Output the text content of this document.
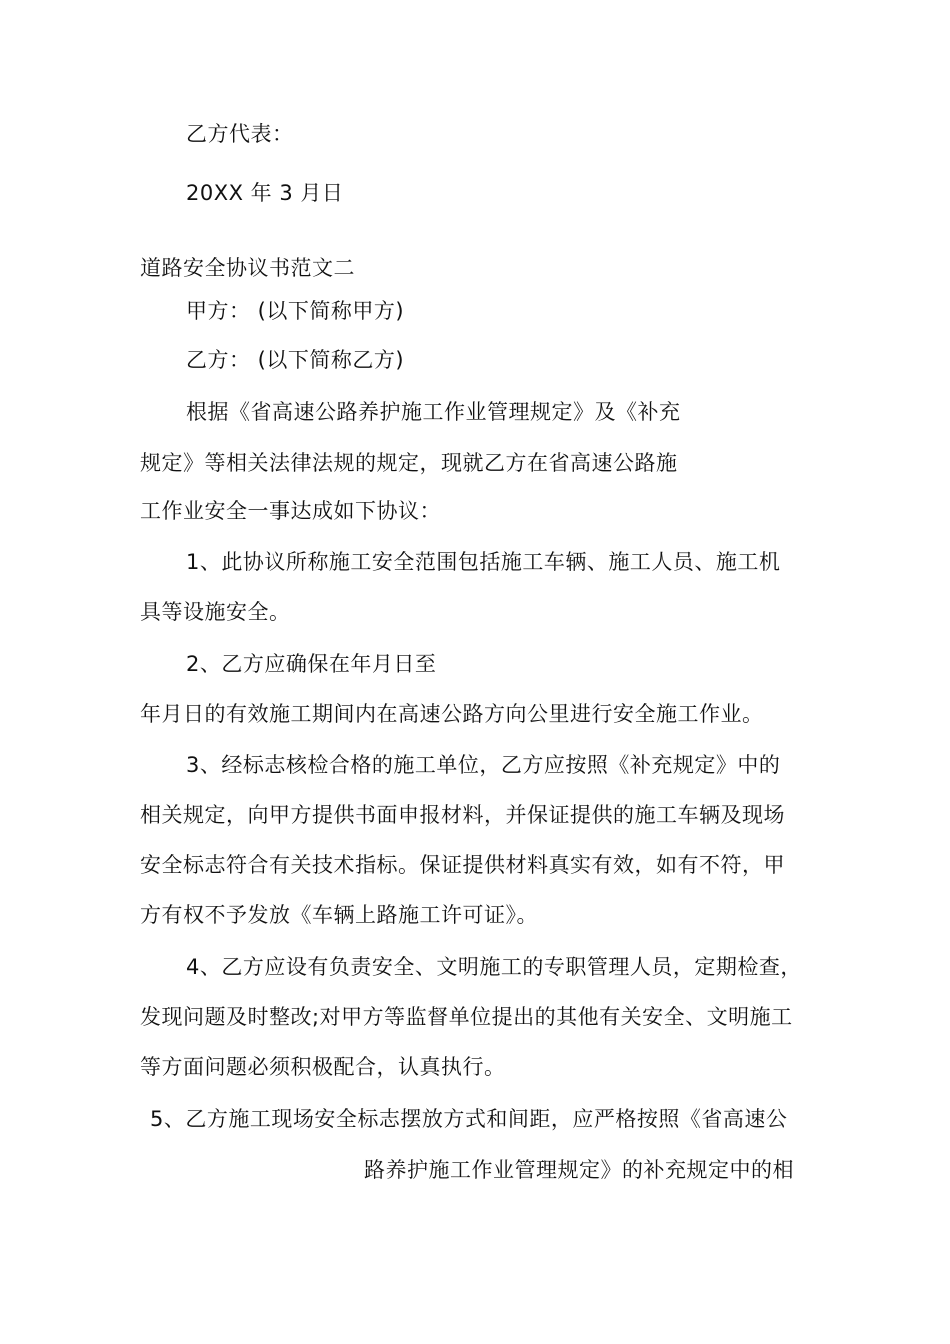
乙方代表：
20XX 年 3 月日
道路安全协议书范文二
甲方： (以下简称甲方)
乙方： (以下简称乙方)
根据《省高速公路养护施工作业管理规定》及《补充
规定》等相关法律法规的规定，现就乙方在省高速公路施
工作业安全一事达成如下协议：
1、此协议所称施工安全范围包括施工车辆、施工人员、施工机
具等设施安全。
2、乙方应确保在年月日至
年月日的有效施工期间内在高速公路方向公里进行安全施工作业。
3、经标志核检合格的施工单位，乙方应按照《补充规定》中的
相关规定，向甲方提供书面申报材料，并保证提供的施工车辆及现场
安全标志符合有关技术指标。保证提供材料真实有效，如有不符，甲
方有权不予发放《车辆上路施工许可证》。
4、乙方应设有负责安全、文明施工的专职管理人员，定期检查，
发现问题及时整改;对甲方等监督单位提出的其他有关安全、文明施工
等方面问题必须积极配合，认真执行。
5、乙方施工现场安全标志摆放方式和间距，应严格按照《省高速公
路养护施工作业管理规定》的补充规定中的相
